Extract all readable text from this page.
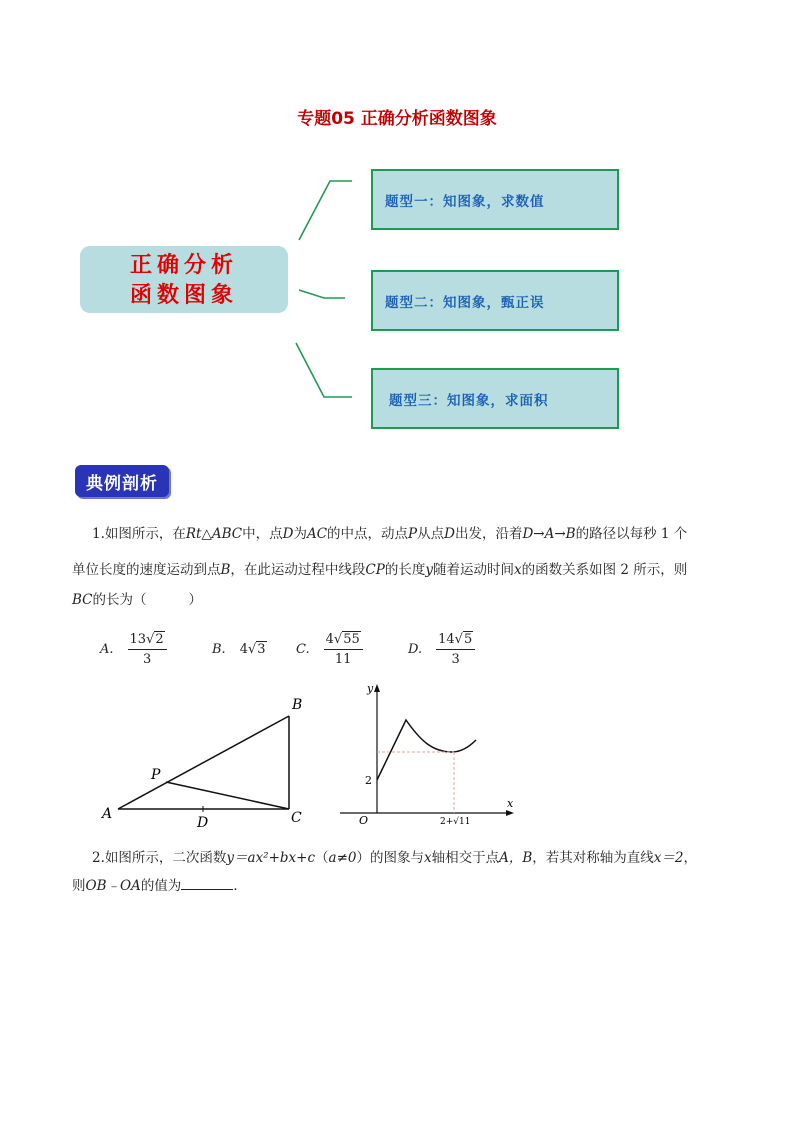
专题05 正确分析函数图象
正确分析
函数图象
题型一：知图象，求数值
题型二：知图象，甄正误
题型三：知图象，求面积
典例剖析
1.如图所示，在Rt△ABC中，点D为AC的中点，动点P从点D出发，沿着D→A→B的路径以每秒 1 个
单位长度的速度运动到点B，在此运动过程中线段CP的长度y随着运动时间x的函数关系如图 2 所示，则
BC的长为（	）
A. $\frac{13√2}{3}$	B. 4√3 C. $\frac{4√55}{11}$	D. $\frac{14√5}{3}$
A
B
C
D
P
y
x
O
2
2+√11
2.如图所示，二次函数y＝ax²+bx+c（a≠0）的图象与x轴相交于点A，B，若其对称轴为直线x＝2，
则OB﹣OA的值为	．
